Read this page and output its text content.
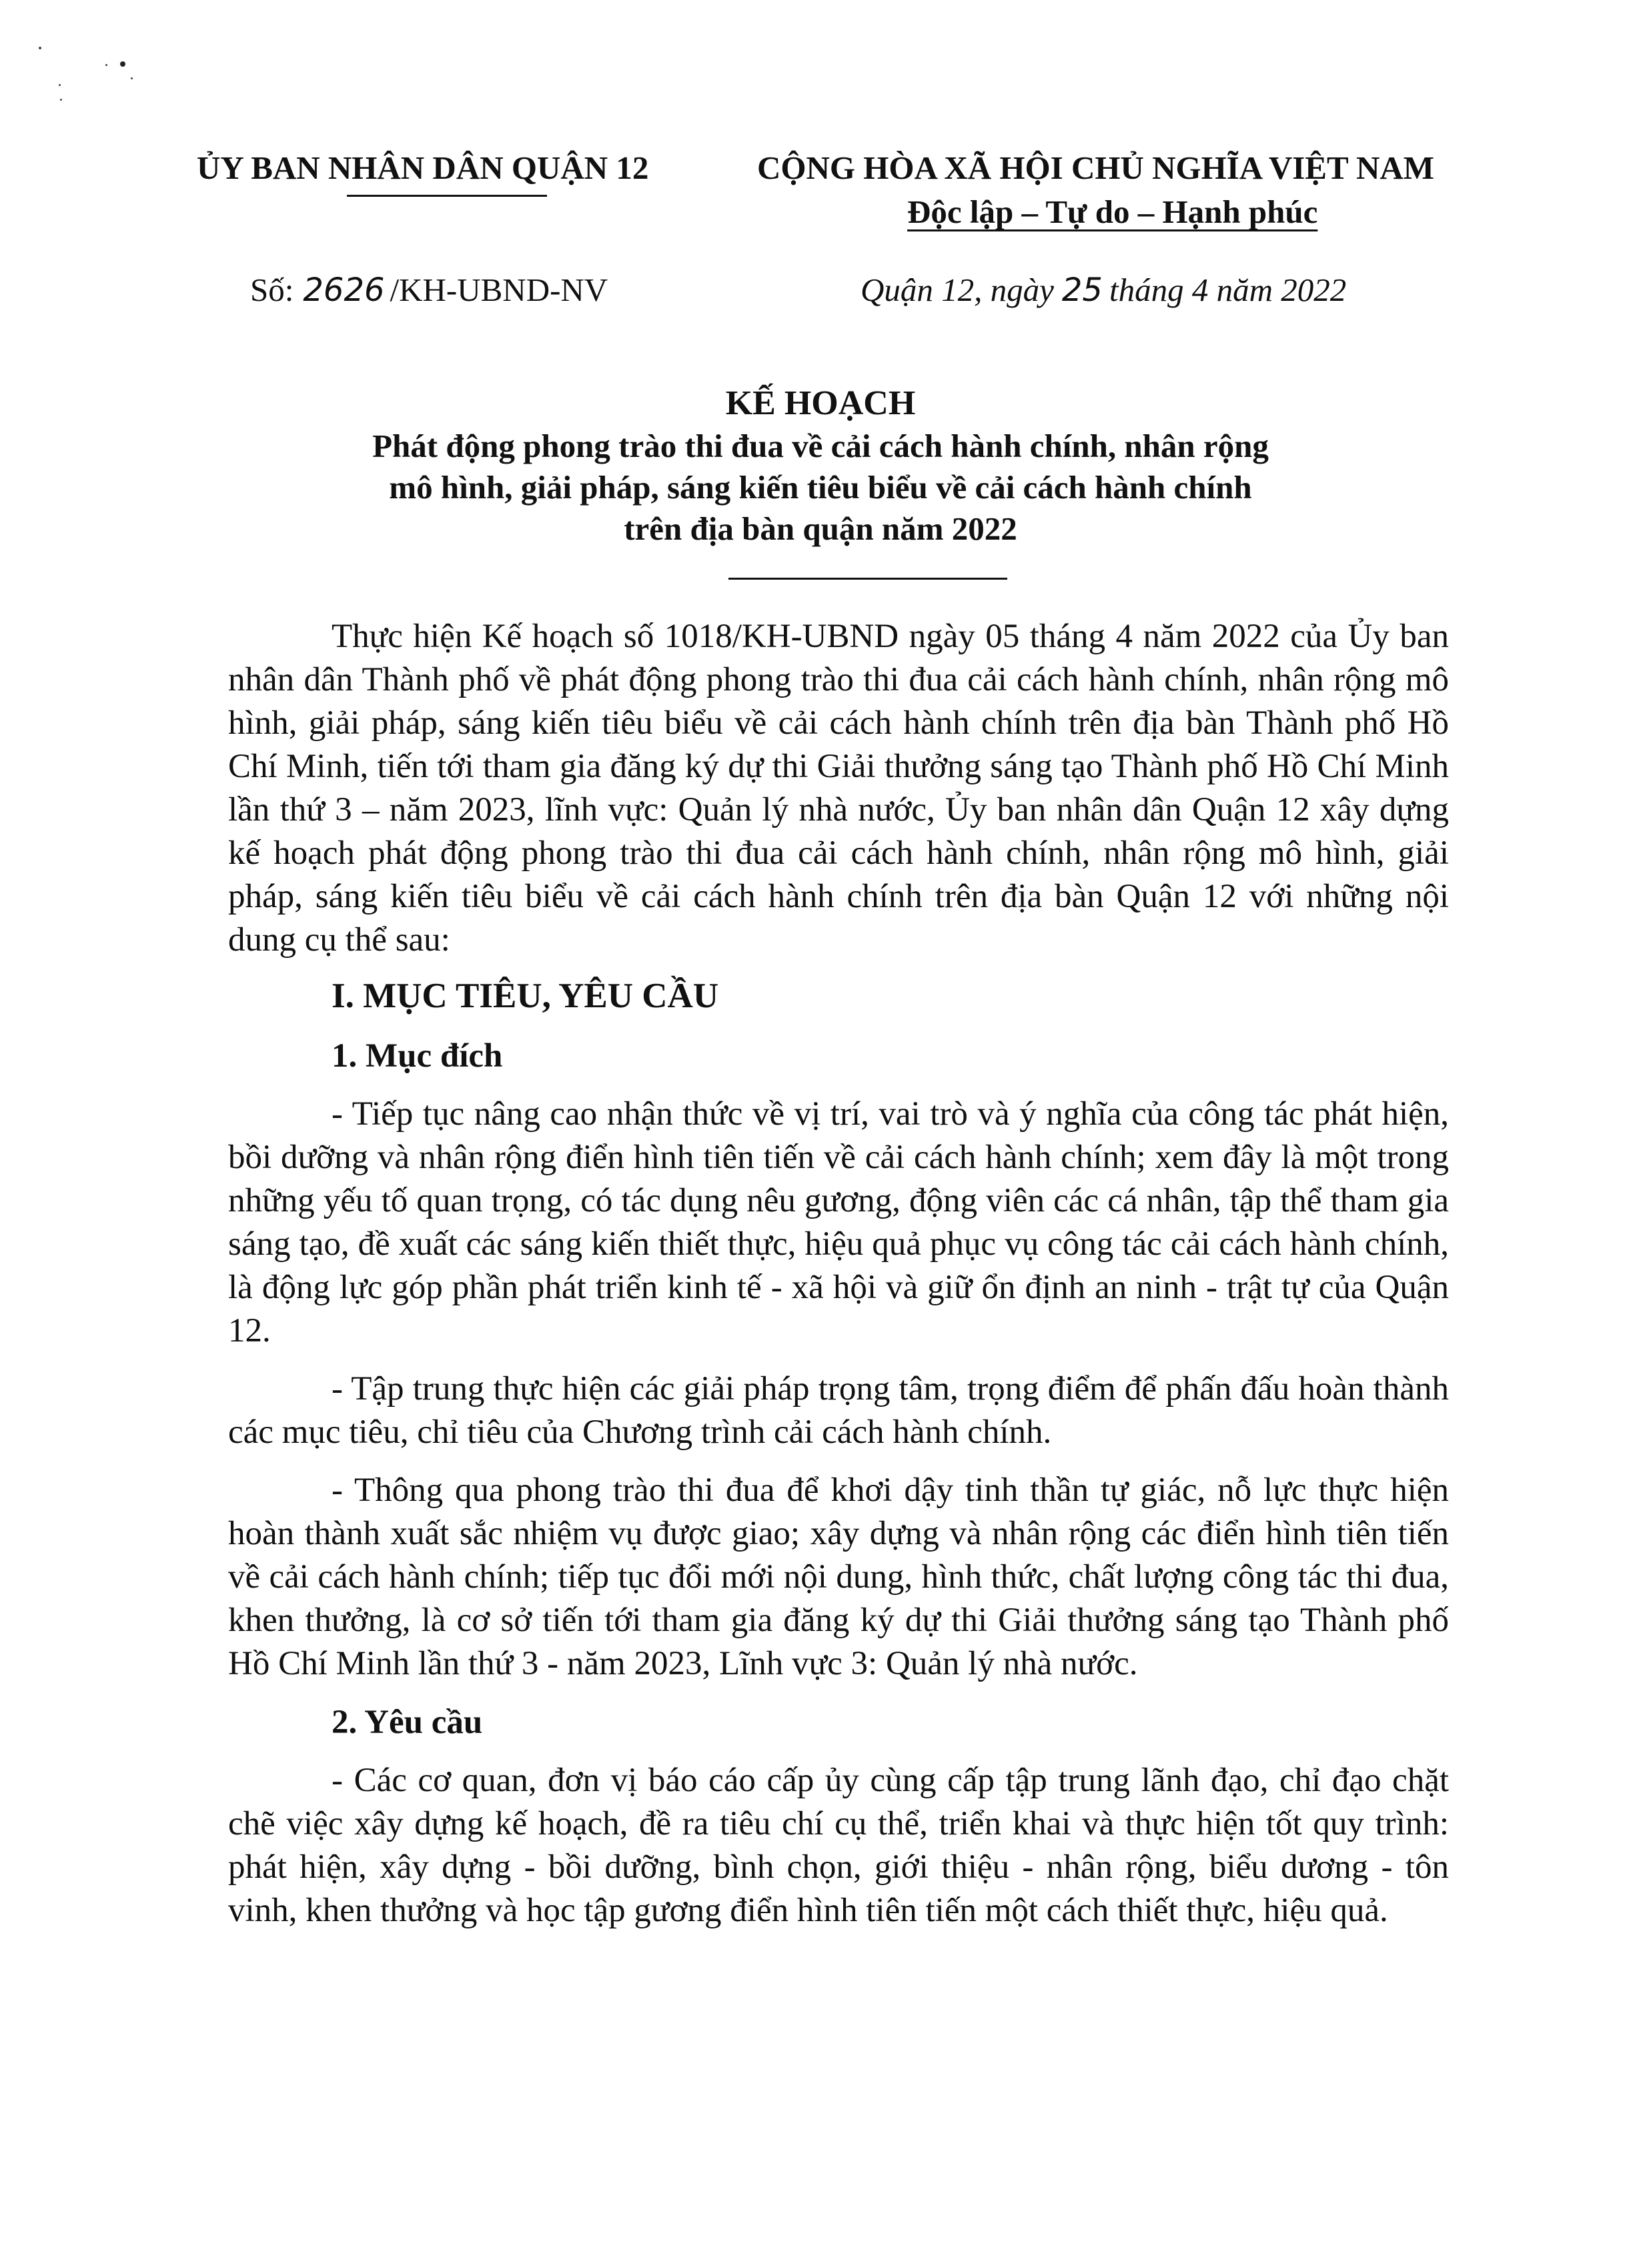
ỦY BAN NHÂN DÂN QUẬN 12	CỘNG HÒA XÃ HỘI CHỦ NGHĨA VIỆT NAM
Độc lập – Tự do – Hạnh phúc
Số: 2626 /KH-UBND-NV	Quận 12, ngày 25 tháng 4 năm 2022
KẾ HOẠCH
Phát động phong trào thi đua về cải cách hành chính, nhân rộng
mô hình, giải pháp, sáng kiến tiêu biểu về cải cách hành chính
trên địa bàn quận năm 2022

Thực hiện Kế hoạch số 1018/KH-UBND ngày 05 tháng 4 năm 2022 của Ủy ban nhân dân Thành phố về phát động phong trào thi đua cải cách hành chính, nhân rộng mô hình, giải pháp, sáng kiến tiêu biểu về cải cách hành chính trên địa bàn Thành phố Hồ Chí Minh, tiến tới tham gia đăng ký dự thi Giải thưởng sáng tạo Thành phố Hồ Chí Minh lần thứ 3 – năm 2023, lĩnh vực: Quản lý nhà nước, Ủy ban nhân dân Quận 12 xây dựng kế hoạch phát động phong trào thi đua cải cách hành chính, nhân rộng mô hình, giải pháp, sáng kiến tiêu biểu về cải cách hành chính trên địa bàn Quận 12 với những nội dung cụ thể sau:

I. MỤC TIÊU, YÊU CẦU
1. Mục đích

- Tiếp tục nâng cao nhận thức về vị trí, vai trò và ý nghĩa của công tác phát hiện, bồi dưỡng và nhân rộng điển hình tiên tiến về cải cách hành chính; xem đây là một trong những yếu tố quan trọng, có tác dụng nêu gương, động viên các cá nhân, tập thể tham gia sáng tạo, đề xuất các sáng kiến thiết thực, hiệu quả phục vụ công tác cải cách hành chính, là động lực góp phần phát triển kinh tế - xã hội và giữ ổn định an ninh - trật tự của Quận 12.

- Tập trung thực hiện các giải pháp trọng tâm, trọng điểm để phấn đấu hoàn thành các mục tiêu, chỉ tiêu của Chương trình cải cách hành chính.

- Thông qua phong trào thi đua để khơi dậy tinh thần tự giác, nỗ lực thực hiện hoàn thành xuất sắc nhiệm vụ được giao; xây dựng và nhân rộng các điển hình tiên tiến về cải cách hành chính; tiếp tục đổi mới nội dung, hình thức, chất lượng công tác thi đua, khen thưởng, là cơ sở tiến tới tham gia đăng ký dự thi Giải thưởng sáng tạo Thành phố Hồ Chí Minh lần thứ 3 - năm 2023, Lĩnh vực 3: Quản lý nhà nước.

2. Yêu cầu

- Các cơ quan, đơn vị báo cáo cấp ủy cùng cấp tập trung lãnh đạo, chỉ đạo chặt chẽ việc xây dựng kế hoạch, đề ra tiêu chí cụ thể, triển khai và thực hiện tốt quy trình: phát hiện, xây dựng - bồi dưỡng, bình chọn, giới thiệu - nhân rộng, biểu dương - tôn vinh, khen thưởng và học tập gương điển hình tiên tiến một cách thiết thực, hiệu quả.
